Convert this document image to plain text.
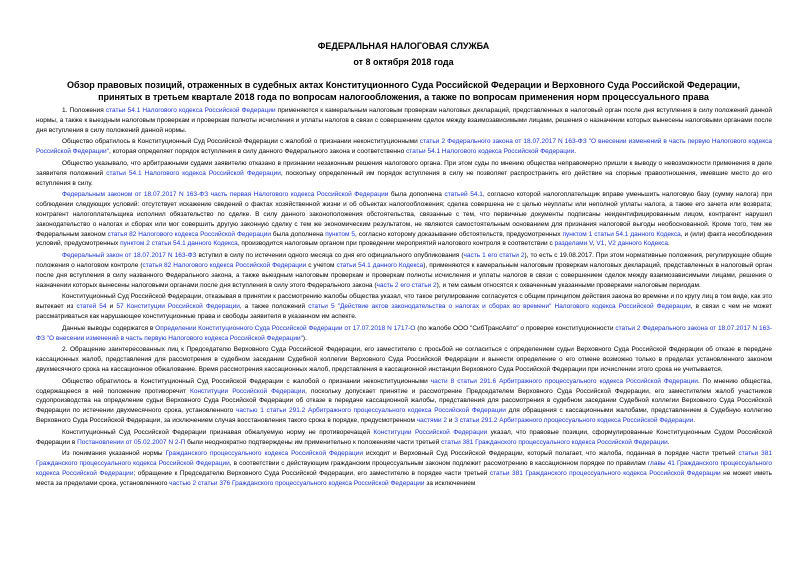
ФЕДЕРАЛЬНАЯ НАЛОГОВАЯ СЛУЖБА
от 8 октября 2018 года
Обзор правовых позиций, отраженных в судебных актах Конституционного Суда Российской Федерации и Верховного Суда Российской Федерации, принятых в третьем квартале 2018 года по вопросам налогообложения, а также по вопросам применения норм процессуального права

1. Положения статьи 54.1 Налогового кодекса Российской Федерации применяются к камеральным налоговым проверкам налоговых деклараций, представленных в налоговый орган после дня вступления в силу положений данной нормы, а также к выездным налоговым проверкам и проверкам полноты исчисления и уплаты налогов в связи с совершением сделок между взаимозависимыми лицами, решения о назначении которых вынесены налоговыми органами после дня вступления в силу положений данной нормы.

Общество обратилось в Конституционный Суд Российской Федерации с жалобой о признании неконституционными статьи 2 Федерального закона от 18.07.2017 N 163-ФЗ "О внесении изменений в часть первую Налогового кодекса Российской Федерации", которая определяет порядок вступления в силу данного Федерального закона и соответственно статьи 54.1 Налогового кодекса Российской Федерации.

Общество указывало, что арбитражными судами заявителю отказано в признании незаконным решения налогового органа. При этом суды по мнению общества неправомерно пришли к выводу о невозможности применения в деле заявителя положений статьи 54.1 Налогового кодекса Российской Федерации, поскольку определенный им порядок вступления в силу не позволяет распространить его действие на спорные правоотношения, имевшие место до его вступления в силу.

Федеральным законом от 18.07.2017 N 163-ФЗ часть первая Налогового кодекса Российской Федерации была дополнена статьей 54.1, согласно которой налогоплательщик вправе уменьшить налоговую базу (сумму налога) при соблюдении следующих условий: отсутствует искажение сведений о фактах хозяйственной жизни и об объектах налогообложения; сделка совершена не с целью неуплаты или неполной уплаты налога, а также его зачета или возврата; контрагент налогоплательщика исполнил обязательство по сделке. В силу данного законоположения обстоятельства, связанные с тем, что первичные документы подписаны неидентифицированным лицом, контрагент нарушил законодательство о налогах и сборах или мог совершить другую законную сделку с тем же экономическим результатом, не являются самостоятельным основанием для признания налоговой выгоды необоснованной. Кроме того, тем же Федеральным законом статья 82 Налогового кодекса Российской Федерации была дополнена пунктом 5, согласно которому доказывание обстоятельств, предусмотренных пунктом 1 статьи 54.1 данного Кодекса, и (или) факта несоблюдения условий, предусмотренных пунктом 2 статьи 54.1 данного Кодекса, производится налоговым органом при проведении мероприятий налогового контроля в соответствии с разделами V, V1, V2 данного Кодекса.

Федеральный закон от 18.07.2017 N 163-ФЗ вступил в силу по истечении одного месяца со дня его официального опубликования (часть 1 его статьи 2), то есть с 19.08.2017. При этом нормативные положения, регулирующие общие положения о налоговом контроле (статья 82 Налогового кодекса Российской Федерации с учетом статьи 54.1 данного Кодекса), применяются к камеральным налоговым проверкам налоговых деклараций, представленных в налоговый орган после дня вступления в силу названного Федерального закона, а также выездным налоговым проверкам и проверкам полноты исчисления и уплаты налогов в связи с совершением сделок между взаимозависимыми лицами, решения о назначении которых вынесены налоговыми органами после дня вступления в силу этого Федерального закона (часть 2 его статьи 2), и тем самым относятся к охваченным указанными проверками налоговым периодам.

Конституционный Суд Российской Федерации, отказывая в принятии к рассмотрению жалобы общества указал, что такое регулирование согласуется с общим принципом действия закона во времени и по кругу лиц в том виде, как это вытекает из статей 54 и 57 Конституции Российской Федерации, а также положений статьи 5 "Действие актов законодательства о налогах и сборах во времени" Налогового кодекса Российской Федерации, в связи с чем не может рассматриваться как нарушающее конституционные права и свободы заявителя в указанном им аспекте.

Данные выводы содержатся в Определении Конституционного Суда Российской Федерации от 17.07.2018 N 1717-О (по жалобе ООО "СибТрансАвто" о проверке конституционности статьи 2 Федерального закона от 18.07.2017 N 163-ФЗ "О внесении изменений в часть первую Налогового кодекса Российской Федерации").

2. Обращение заинтересованных лиц к Председателю Верховного Суда Российской Федерации, его заместителю с просьбой не согласиться с определением судьи Верховного Суда Российской Федерации об отказе в передаче кассационных жалоб, представления для рассмотрения в судебном заседании Судебной коллегии Верховного Суда Российской Федерации и вынести определение о его отмене возможно только в пределах установленного законом двухмесячного срока на кассационное обжалование. Время рассмотрения кассационных жалоб, представления в кассационной инстанции Верховного Суда Российской Федерации при исчислении этого срока не учитывается.

Общество обратилось в Конституционный Суд Российской Федерации с жалобой о признании неконституционными части 8 статьи 291.6 Арбитражного процессуального кодекса Российской Федерации. По мнению общества, содержащееся в ней положение противоречит Конституции Российской Федерации, поскольку допускает принятие и рассмотрение Председателем Верховного Суда Российской Федерации, его заместителем жалоб участников судопроизводства на определение судьи Верховного Суда Российской Федерации об отказе в передаче кассационной жалобы, представления для рассмотрения в судебном заседании Судебной коллегии Верховного Суда Российской Федерации по истечении двухмесячного срока, установленного частью 1 статьи 291.2 Арбитражного процессуального кодекса Российской Федерации для обращения с кассационными жалобами, представлением в Судебную коллегию Верховного Суда Российской Федерации, за исключением случая восстановления такого срока в порядке, предусмотренном частями 2 и 3 статьи 291.2 Арбитражного процессуального кодекса Российской Федерации.

Конституционный Суд Российской Федерации признавая обжалуемую норму не противоречащей Конституции Российской Федерации указал, что правовые позиции, сформулированные Конституционным Судом Российской Федерации в Постановлении от 05.02.2007 N 2-П были неоднократно подтверждены им применительно к положениям части третьей статьи 381 Гражданского процессуального кодекса Российской Федерации.

Из понимания указанной нормы Гражданского процессуального кодекса Российской Федерации исходит и Верховный Суд Российской Федерации, который полагает, что жалоба, поданная в порядке части третьей статьи 381 Гражданского процессуального кодекса Российской Федерации, в соответствии с действующим гражданским процессуальным законом подлежит рассмотрению в кассационном порядке по правилам главы 41 Гражданского процессуального кодекса Российской Федерации; обращение к Председателю Верховного Суда Российской Федерации, его заместителю в порядке части третьей статьи 381 Гражданского процессуального кодекса Российской Федерации не может иметь места за пределами срока, установленного частью 2 статьи 376 Гражданского процессуального кодекса Российской Федерации за исключением
